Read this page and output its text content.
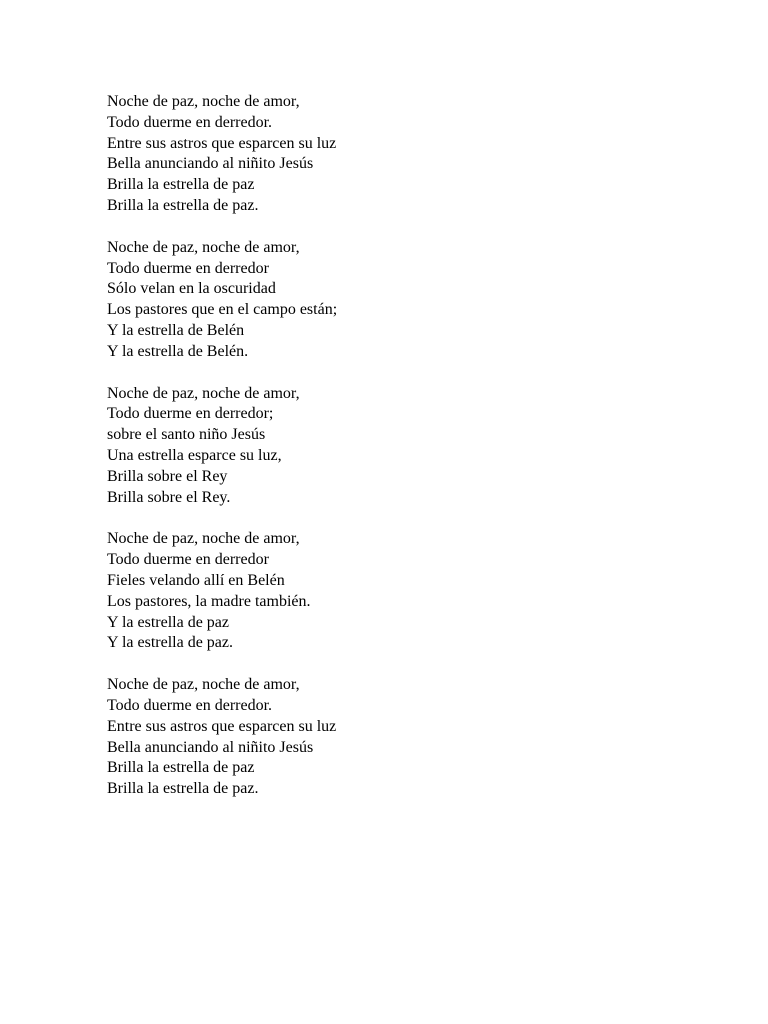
Noche de paz, noche de amor,
Todo duerme en derredor.
Entre sus astros que esparcen su luz
Bella anunciando al niñito Jesús
Brilla la estrella de paz
Brilla la estrella de paz.
Noche de paz, noche de amor,
Todo duerme en derredor
Sólo velan en la oscuridad
Los pastores que en el campo están;
Y la estrella de Belén
Y la estrella de Belén.
Noche de paz, noche de amor,
Todo duerme en derredor;
sobre el santo niño Jesús
Una estrella esparce su luz,
Brilla sobre el Rey
Brilla sobre el Rey.
Noche de paz, noche de amor,
Todo duerme en derredor
Fieles velando allí en Belén
Los pastores, la madre también.
Y la estrella de paz
Y la estrella de paz.
Noche de paz, noche de amor,
Todo duerme en derredor.
Entre sus astros que esparcen su luz
Bella anunciando al niñito Jesús
Brilla la estrella de paz
Brilla la estrella de paz.
